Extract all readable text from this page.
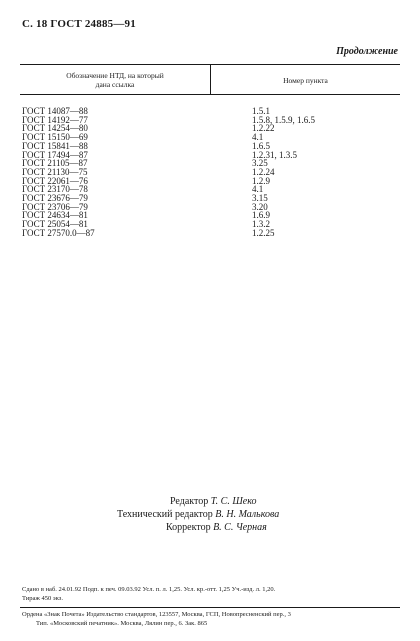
С. 18 ГОСТ 24885—91
Продолжение
Обозначение НТД, на который
дана ссылка	Номер пункта
ГОСТ 14087—88	1.5.1
ГОСТ 14192—77	1.5.8, 1.5.9, 1.6.5
ГОСТ 14254—80	1.2.22
ГОСТ 15150—69	4.1
ГОСТ 15841—88	1.6.5
ГОСТ 17494—87	1.2.31, 1.3.5
ГОСТ 21105—87	3.25
ГОСТ 21130—75	1.2.24
ГОСТ 22061—76	1.2.9
ГОСТ 23170—78	4.1
ГОСТ 23676—79	3.15
ГОСТ 23706—79	3.20
ГОСТ 24634—81	1.6.9
ГОСТ 25054—81	1.3.2
ГОСТ 27570.0—87	1.2.25
Редактор Т. С. Шеко
Технический редактор В. Н. Малькова
Корректор В. С. Черная
Сдано в наб. 24.01.92 Подп. к печ. 09.03.92 Усл. п. л. 1,25. Усл. кр.-отт. 1,25 Уч.-изд. л. 1,20.
Тираж 450 экз.
Ордена «Знак Почета» Издательство стандартов, 123557, Москва, ГСП, Новопресненский пер., 3
Тип. «Московский печатник». Москва, Лялин пер., 6. Зак. 865
